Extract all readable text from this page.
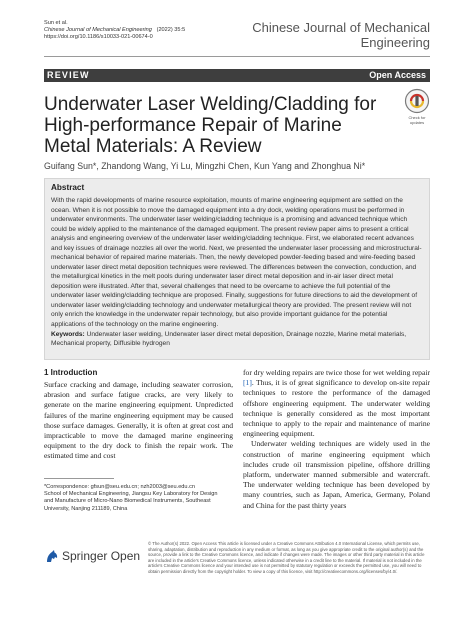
Sun et al.
Chinese Journal of Mechanical Engineering (2022) 35:5
https://doi.org/10.1186/s10033-021-00674-0
Chinese Journal of Mechanical
Engineering
REVIEW	Open Access
Underwater Laser Welding/Cladding for High-performance Repair of Marine Metal Materials: A Review
Check for
updates
Guifang Sun*, Zhandong Wang, Yi Lu, Mingzhi Chen, Kun Yang and Zhonghua Ni*
Abstract
With the rapid developments of marine resource exploitation, mounts of marine engineering equipment are settled on the ocean. When it is not possible to move the damaged equipment into a dry dock, welding operations must be performed in underwater environments. The underwater laser welding/cladding technique is a promising and advanced technique which could be widely applied to the maintenance of the damaged equipment. The present review paper aims to present a critical analysis and engineering overview of the underwater laser welding/cladding technique. First, we elaborated recent advances and key issues of drainage nozzles all over the world. Next, we presented the underwater laser processing and microstructural-mechanical behavior of repaired marine materials. Then, the newly developed powder-feeding based and wire-feeding based underwater laser direct metal deposition techniques were reviewed. The differences between the convection, conduction, and the metallurgical kinetics in the melt pools during underwater laser direct metal deposition and in-air laser direct metal deposition were illustrated. After that, several challenges that need to be overcame to achieve the full potential of the underwater laser welding/cladding technique are proposed. Finally, suggestions for future directions to aid the development of underwater laser welding/cladding technology and underwater metallurgical theory are provided. The present review will not only enrich the knowledge in the underwater repair technology, but also provide important guidance for the potential applications of the technology on the marine engineering.
Keywords: Underwater laser welding, Underwater laser direct metal deposition, Drainage nozzle, Marine metal materials, Mechanical property, Diffusible hydrogen
1 Introduction

Surface cracking and damage, including seawater corrosion, abrasion and surface fatigue cracks, are very likely to generate on the marine engineering equipment. Unpredicted failures of the marine engineering equipment may be caused those surface damages. Generally, it is often at great cost and impracticable to move the damaged marine engineering equipment to the dry dock to finish the repair work. The estimated time and cost

for dry welding repairs are twice those for wet welding repair [1]. Thus, it is of great significance to develop on-site repair techniques to restore the performance of the damaged offshore engineering equipment. The underwater welding technique is generally considered as the most important technique to apply to the repair and maintenance of marine engineering equipment.

Underwater welding techniques are widely used in the construction of marine engineering equipment which includes crude oil transmission pipeline, offshore drilling platform, underwater manned submersible and watercraft. The underwater welding technique has been developed by many countries, such as Japan, America, Germany, Poland and China for the past thirty years

*Correspondence: gfsun@seu.edu.cn; nzh2003@seu.edu.cn
School of Mechanical Engineering, Jiangsu Key Laboratory for Design and Manufacture of Micro-Nano Biomedical Instruments, Southeast University, Nanjing 211189, China
Springer Open
© The Author(s) 2022. Open Access This article is licensed under a Creative Commons Attribution 4.0 International License, which permits use, sharing, adaptation, distribution and reproduction in any medium or format, as long as you give appropriate credit to the original author(s) and the source, provide a link to the Creative Commons licence, and indicate if changes were made. The images or other third party material in this article are included in the article's Creative Commons licence, unless indicated otherwise in a credit line to the material. If material is not included in the article's Creative Commons licence and your intended use is not permitted by statutory regulation or exceeds the permitted use, you will need to obtain permission directly from the copyright holder. To view a copy of this licence, visit http://creativecommons.org/licenses/by/4.0/.
